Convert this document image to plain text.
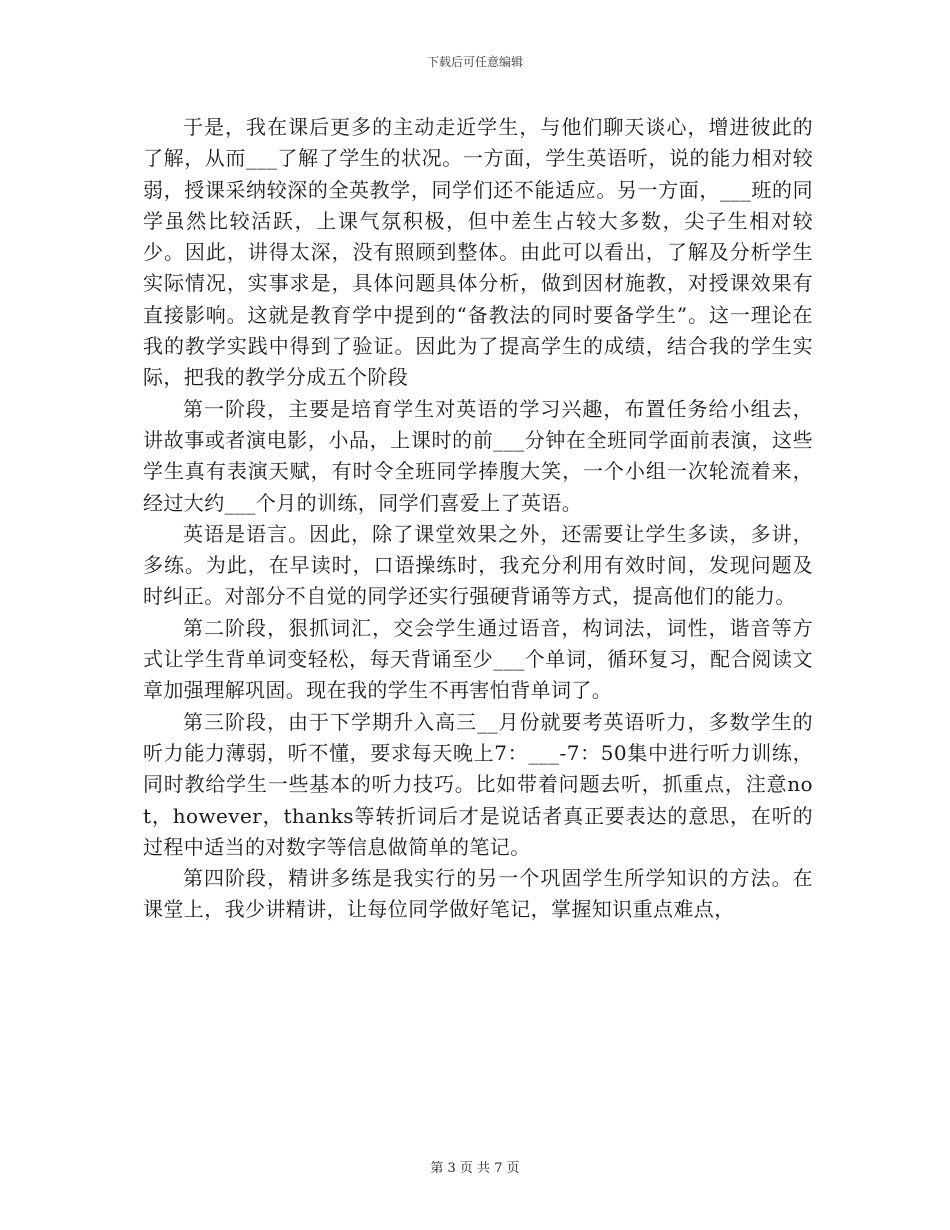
下载后可任意编辑

于是，我在课后更多的主动走近学生，与他们聊天谈心，增进彼此的了解，从而___了解了学生的状况。一方面，学生英语听，说的能力相对较弱，授课采纳较深的全英教学，同学们还不能适应。另一方面，___班的同学虽然比较活跃，上课气氛积极，但中差生占较大多数，尖子生相对较少。因此，讲得太深，没有照顾到整体。由此可以看出，了解及分析学生实际情况，实事求是，具体问题具体分析，做到因材施教，对授课效果有直接影响。这就是教育学中提到的“备教法的同时要备学生”。这一理论在我的教学实践中得到了验证。因此为了提高学生的成绩，结合我的学生实际，把我的教学分成五个阶段

第一阶段，主要是培育学生对英语的学习兴趣，布置任务给小组去，讲故事或者演电影，小品，上课时的前___分钟在全班同学面前表演，这些学生真有表演天赋，有时令全班同学捧腹大笑，一个小组一次轮流着来，经过大约___个月的训练，同学们喜爱上了英语。

英语是语言。因此，除了课堂效果之外，还需要让学生多读，多讲，多练。为此，在早读时，口语操练时，我充分利用有效时间，发现问题及时纠正。对部分不自觉的同学还实行强硬背诵等方式，提高他们的能力。

第二阶段，狠抓词汇，交会学生通过语音，构词法，词性，谐音等方式让学生背单词变轻松，每天背诵至少___个单词，循环复习，配合阅读文章加强理解巩固。现在我的学生不再害怕背单词了。

第三阶段，由于下学期升入高三__月份就要考英语听力，多数学生的听力能力薄弱，听不懂，要求每天晚上7：___-7：50集中进行听力训练，同时教给学生一些基本的听力技巧。比如带着问题去听，抓重点，注意not，however，thanks等转折词后才是说话者真正要表达的意思，在听的过程中适当的对数字等信息做简单的笔记。

第四阶段，精讲多练是我实行的另一个巩固学生所学知识的方法。在课堂上，我少讲精讲，让每位同学做好笔记，掌握知识重点难点，

第 3 页 共 7 页
